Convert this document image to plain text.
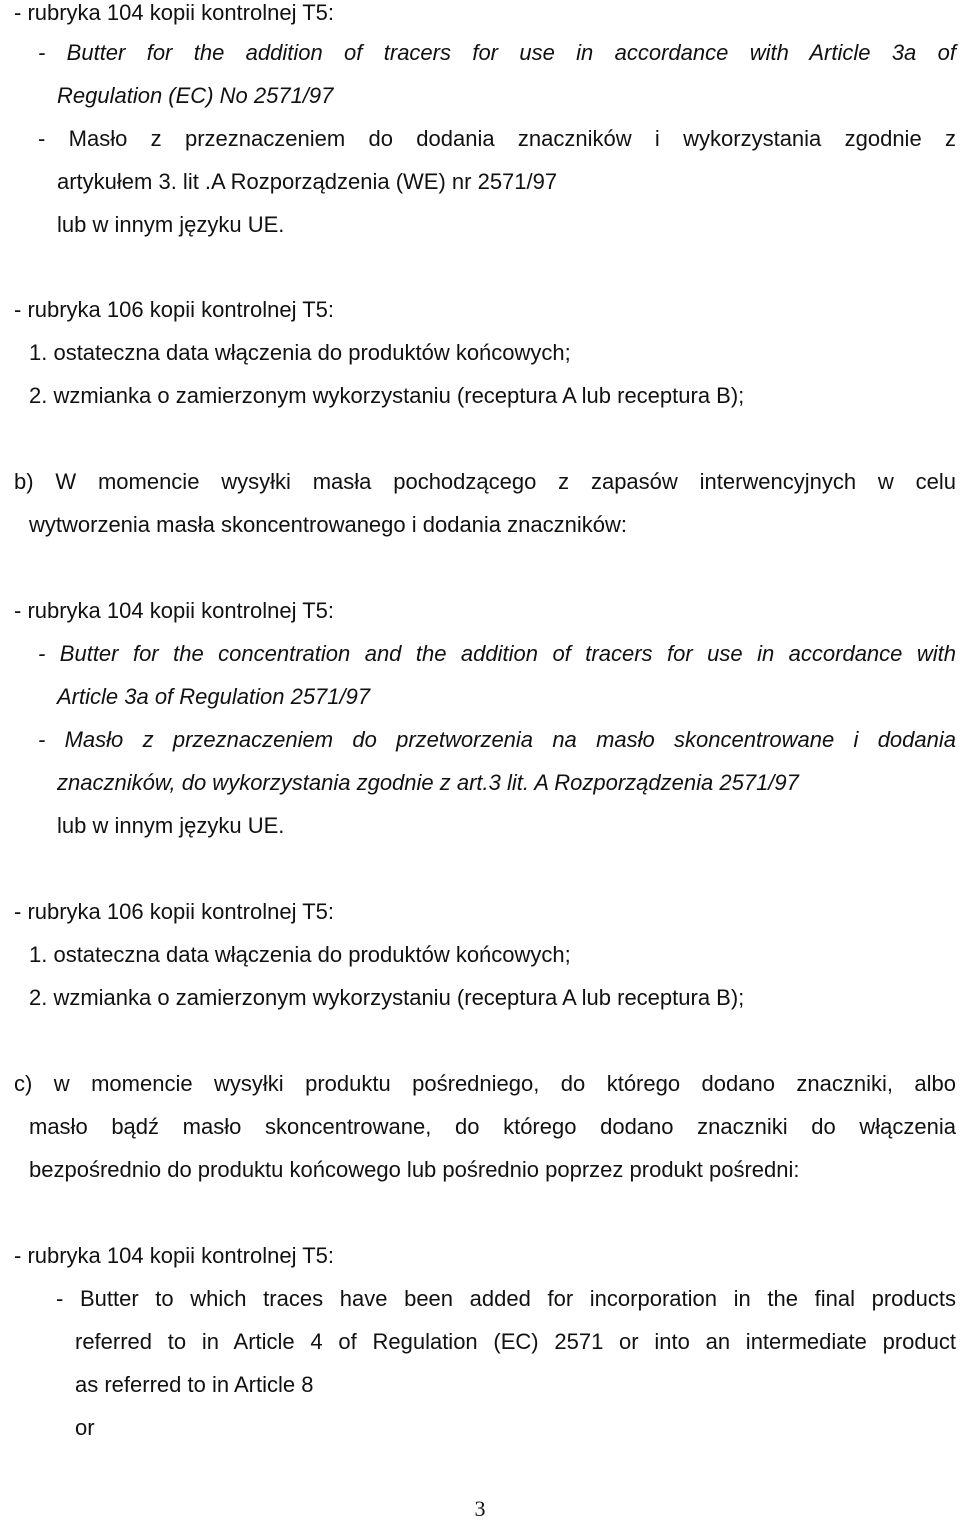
- rubryka 104 kopii kontrolnej T5:
- Butter for the addition of tracers for use in accordance with Article 3a of
Regulation (EC) No 2571/97
- Masło z przeznaczeniem do dodania znaczników i wykorzystania zgodnie z
artykułem 3. lit .A Rozporządzenia (WE) nr 2571/97
lub w innym języku UE.
- rubryka 106 kopii kontrolnej T5:
1. ostateczna data włączenia do produktów końcowych;
2. wzmianka o zamierzonym wykorzystaniu (receptura A lub receptura B);
b) W momencie wysyłki masła pochodzącego z zapasów interwencyjnych w celu
wytworzenia masła skoncentrowanego i dodania znaczników:
- rubryka 104 kopii kontrolnej T5:
- Butter for the concentration and the addition of tracers for use in accordance with
Article 3a of Regulation 2571/97
- Masło z przeznaczeniem do przetworzenia na masło skoncentrowane i dodania
znaczników, do wykorzystania zgodnie z art.3 lit. A Rozporządzenia 2571/97
lub w innym języku UE.
- rubryka 106 kopii kontrolnej T5:
1. ostateczna data włączenia do produktów końcowych;
2. wzmianka o zamierzonym wykorzystaniu (receptura A lub receptura B);
c) w momencie wysyłki produktu pośredniego, do którego dodano znaczniki, albo
masło bądź masło skoncentrowane, do którego dodano znaczniki do włączenia
bezpośrednio do produktu końcowego lub pośrednio poprzez produkt pośredni:
- rubryka 104 kopii kontrolnej T5:
- Butter to which traces have been added for incorporation in the final products
referred to in Article 4 of Regulation (EC) 2571 or into an intermediate product
as referred to in Article 8
or
3
